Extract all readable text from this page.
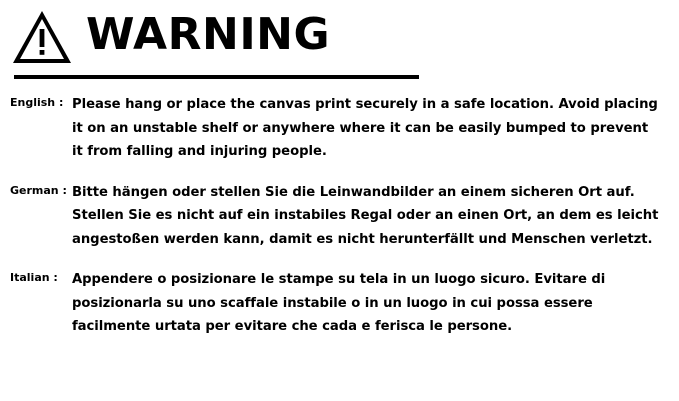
WARNING
English : Please hang or place the canvas print securely in a safe location. Avoid placing it on an unstable shelf or anywhere where it can be easily bumped to prevent it from falling and injuring people.
German : Bitte hängen oder stellen Sie die Leinwandbilder an einem sicheren Ort auf. Stellen Sie es nicht auf ein instabiles Regal oder an einen Ort, an dem es leicht angestoßen werden kann, damit es nicht herunterfällt und Menschen verletzt.
Italian :	Appendere o posizionare le stampe su tela in un luogo sicuro. Evitare di posizionarla su uno scaffale instabile o in un luogo in cui possa essere facilmente urtata per evitare che cada e ferisca le persone.
